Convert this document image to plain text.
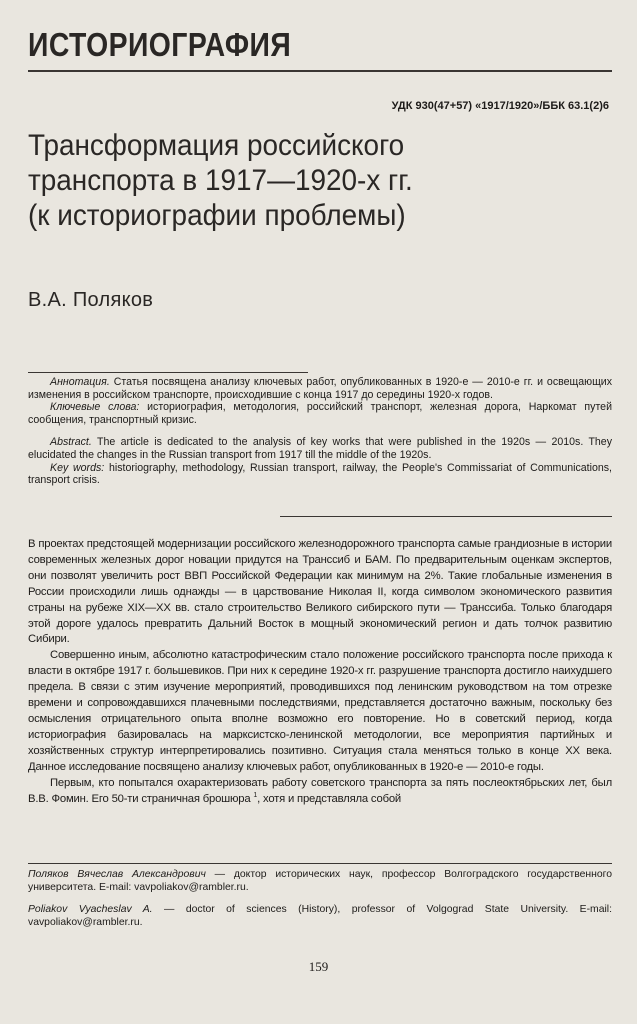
ИСТОРИОГРАФИЯ
УДК 930(47+57) «1917/1920»/ББК 63.1(2)6
Трансформация российского
транспорта в 1917—1920-х гг.
(к историографии проблемы)
В.А. Поляков

Аннотация. Статья посвящена анализу ключевых работ, опубликованных в 1920-е — 2010-е гг. и освещающих изменения в российском транспорте, происходившие с конца 1917 до середины 1920-х годов.

Ключевые слова: историография, методология, российский транспорт, железная дорога, Наркомат путей сообщения, транспортный кризис.

Abstract. The article is dedicated to the analysis of key works that were published in the 1920s — 2010s. They elucidated the changes in the Russian transport from 1917 till the middle of the 1920s.

Key words: historiography, methodology, Russian transport, railway, the People's Commissariat of Communications, transport crisis.

В проектах предстоящей модернизации российского железнодорожного транспорта самые грандиозные в истории современных железных дорог новации придутся на Транссиб и БАМ. По предварительным оценкам экспертов, они позволят увеличить рост ВВП Российской Федерации как минимум на 2%. Такие глобальные изменения в России происходили лишь однажды — в царствование Николая II, когда символом экономического развития страны на рубеже XIX—XX вв. стало строительство Великого сибирского пути — Транссиба. Только благодаря этой дороге удалось превратить Дальний Восток в мощный экономический регион и дать толчок развитию Сибири.

Совершенно иным, абсолютно катастрофическим стало положение российского транспорта после прихода к власти в октябре 1917 г. большевиков. При них к середине 1920-х гг. разрушение транспорта достигло наихудшего предела. В связи с этим изучение мероприятий, проводившихся под ленинским руководством на том отрезке времени и сопровождавшихся плачевными последствиями, представляется достаточно важным, поскольку без осмысления отрицательного опыта вполне возможно его повторение. Но в советский период, когда историография базировалась на марксистско-ленинской методологии, все мероприятия партийных и хозяйственных структур интерпретировались позитивно. Ситуация стала меняться только в конце XX века. Данное исследование посвящено анализу ключевых работ, опубликованных в 1920-е — 2010-е годы.

Первым, кто попытался охарактеризовать работу советского транспорта за пять послеоктябрьских лет, был В.В. Фомин. Его 50-ти страничная брошюра $^1$, хотя и представляла собой

Поляков Вячеслав Александрович — доктор исторических наук, профессор Волгоградского государственного университета. E-mail: vavpoliakov@rambler.ru.

Poliakov Vyacheslav A. — doctor of sciences (History), professor of Volgograd State University. E-mail: vavpoliakov@rambler.ru.

159
